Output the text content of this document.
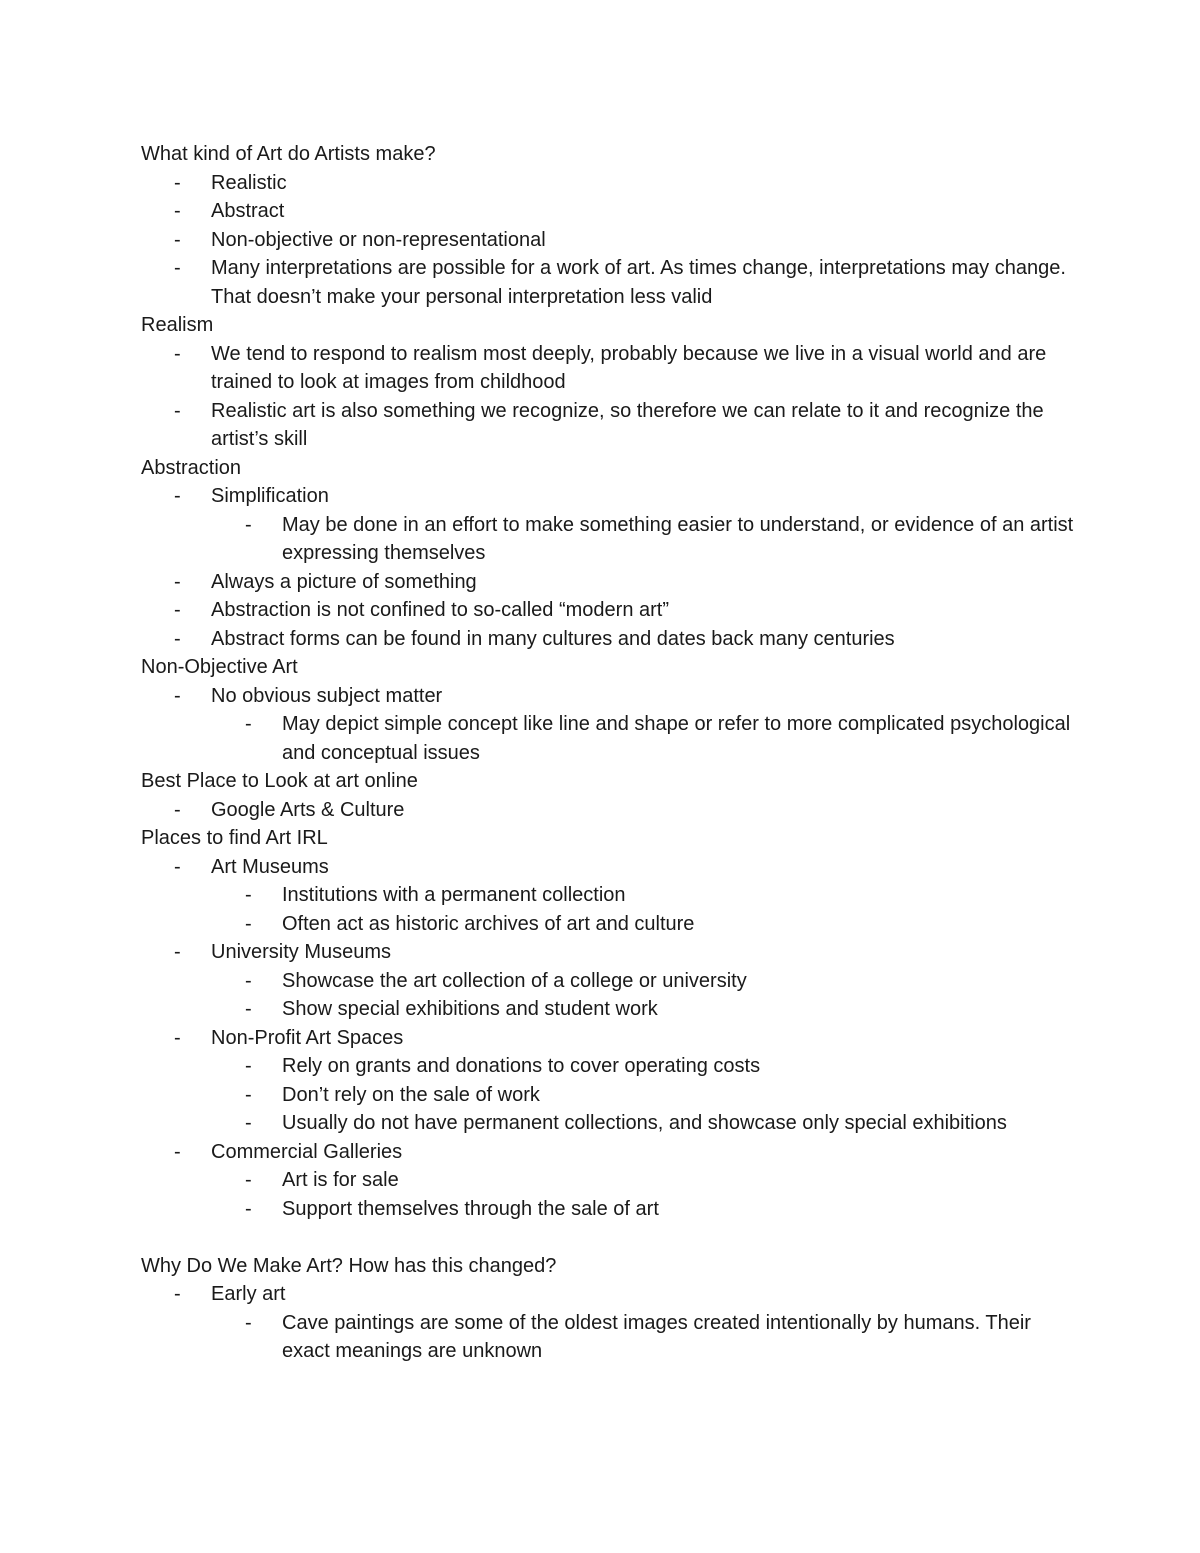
What kind of Art do Artists make?

- Realistic
- Abstract
- Non-objective or non-representational
- Many interpretations are possible for a work of art. As times change, interpretations may change. That doesn’t make your personal interpretation less valid

Realism

- We tend to respond to realism most deeply, probably because we live in a visual world and are trained to look at images from childhood
- Realistic art is also something we recognize, so therefore we can relate to it and recognize the artist’s skill

Abstraction

- Simplification
- May be done in an effort to make something easier to understand, or evidence of an artist expressing themselves
- Always a picture of something
- Abstraction is not confined to so-called “modern art”
- Abstract forms can be found in many cultures and dates back many centuries

Non-Objective Art

- No obvious subject matter
- May depict simple concept like line and shape or refer to more complicated psychological and conceptual issues

Best Place to Look at art online

- Google Arts & Culture

Places to find Art IRL

- Art Museums
- Institutions with a permanent collection
- Often act as historic archives of art and culture
- University Museums
- Showcase the art collection of a college or university
- Show special exhibitions and student work
- Non-Profit Art Spaces
- Rely on grants and donations to cover operating costs
- Don’t rely on the sale of work
- Usually do not have permanent collections, and showcase only special exhibitions
- Commercial Galleries
- Art is for sale
- Support themselves through the sale of art

Why Do We Make Art? How has this changed?

- Early art
- Cave paintings are some of the oldest images created intentionally by humans. Their exact meanings are unknown
